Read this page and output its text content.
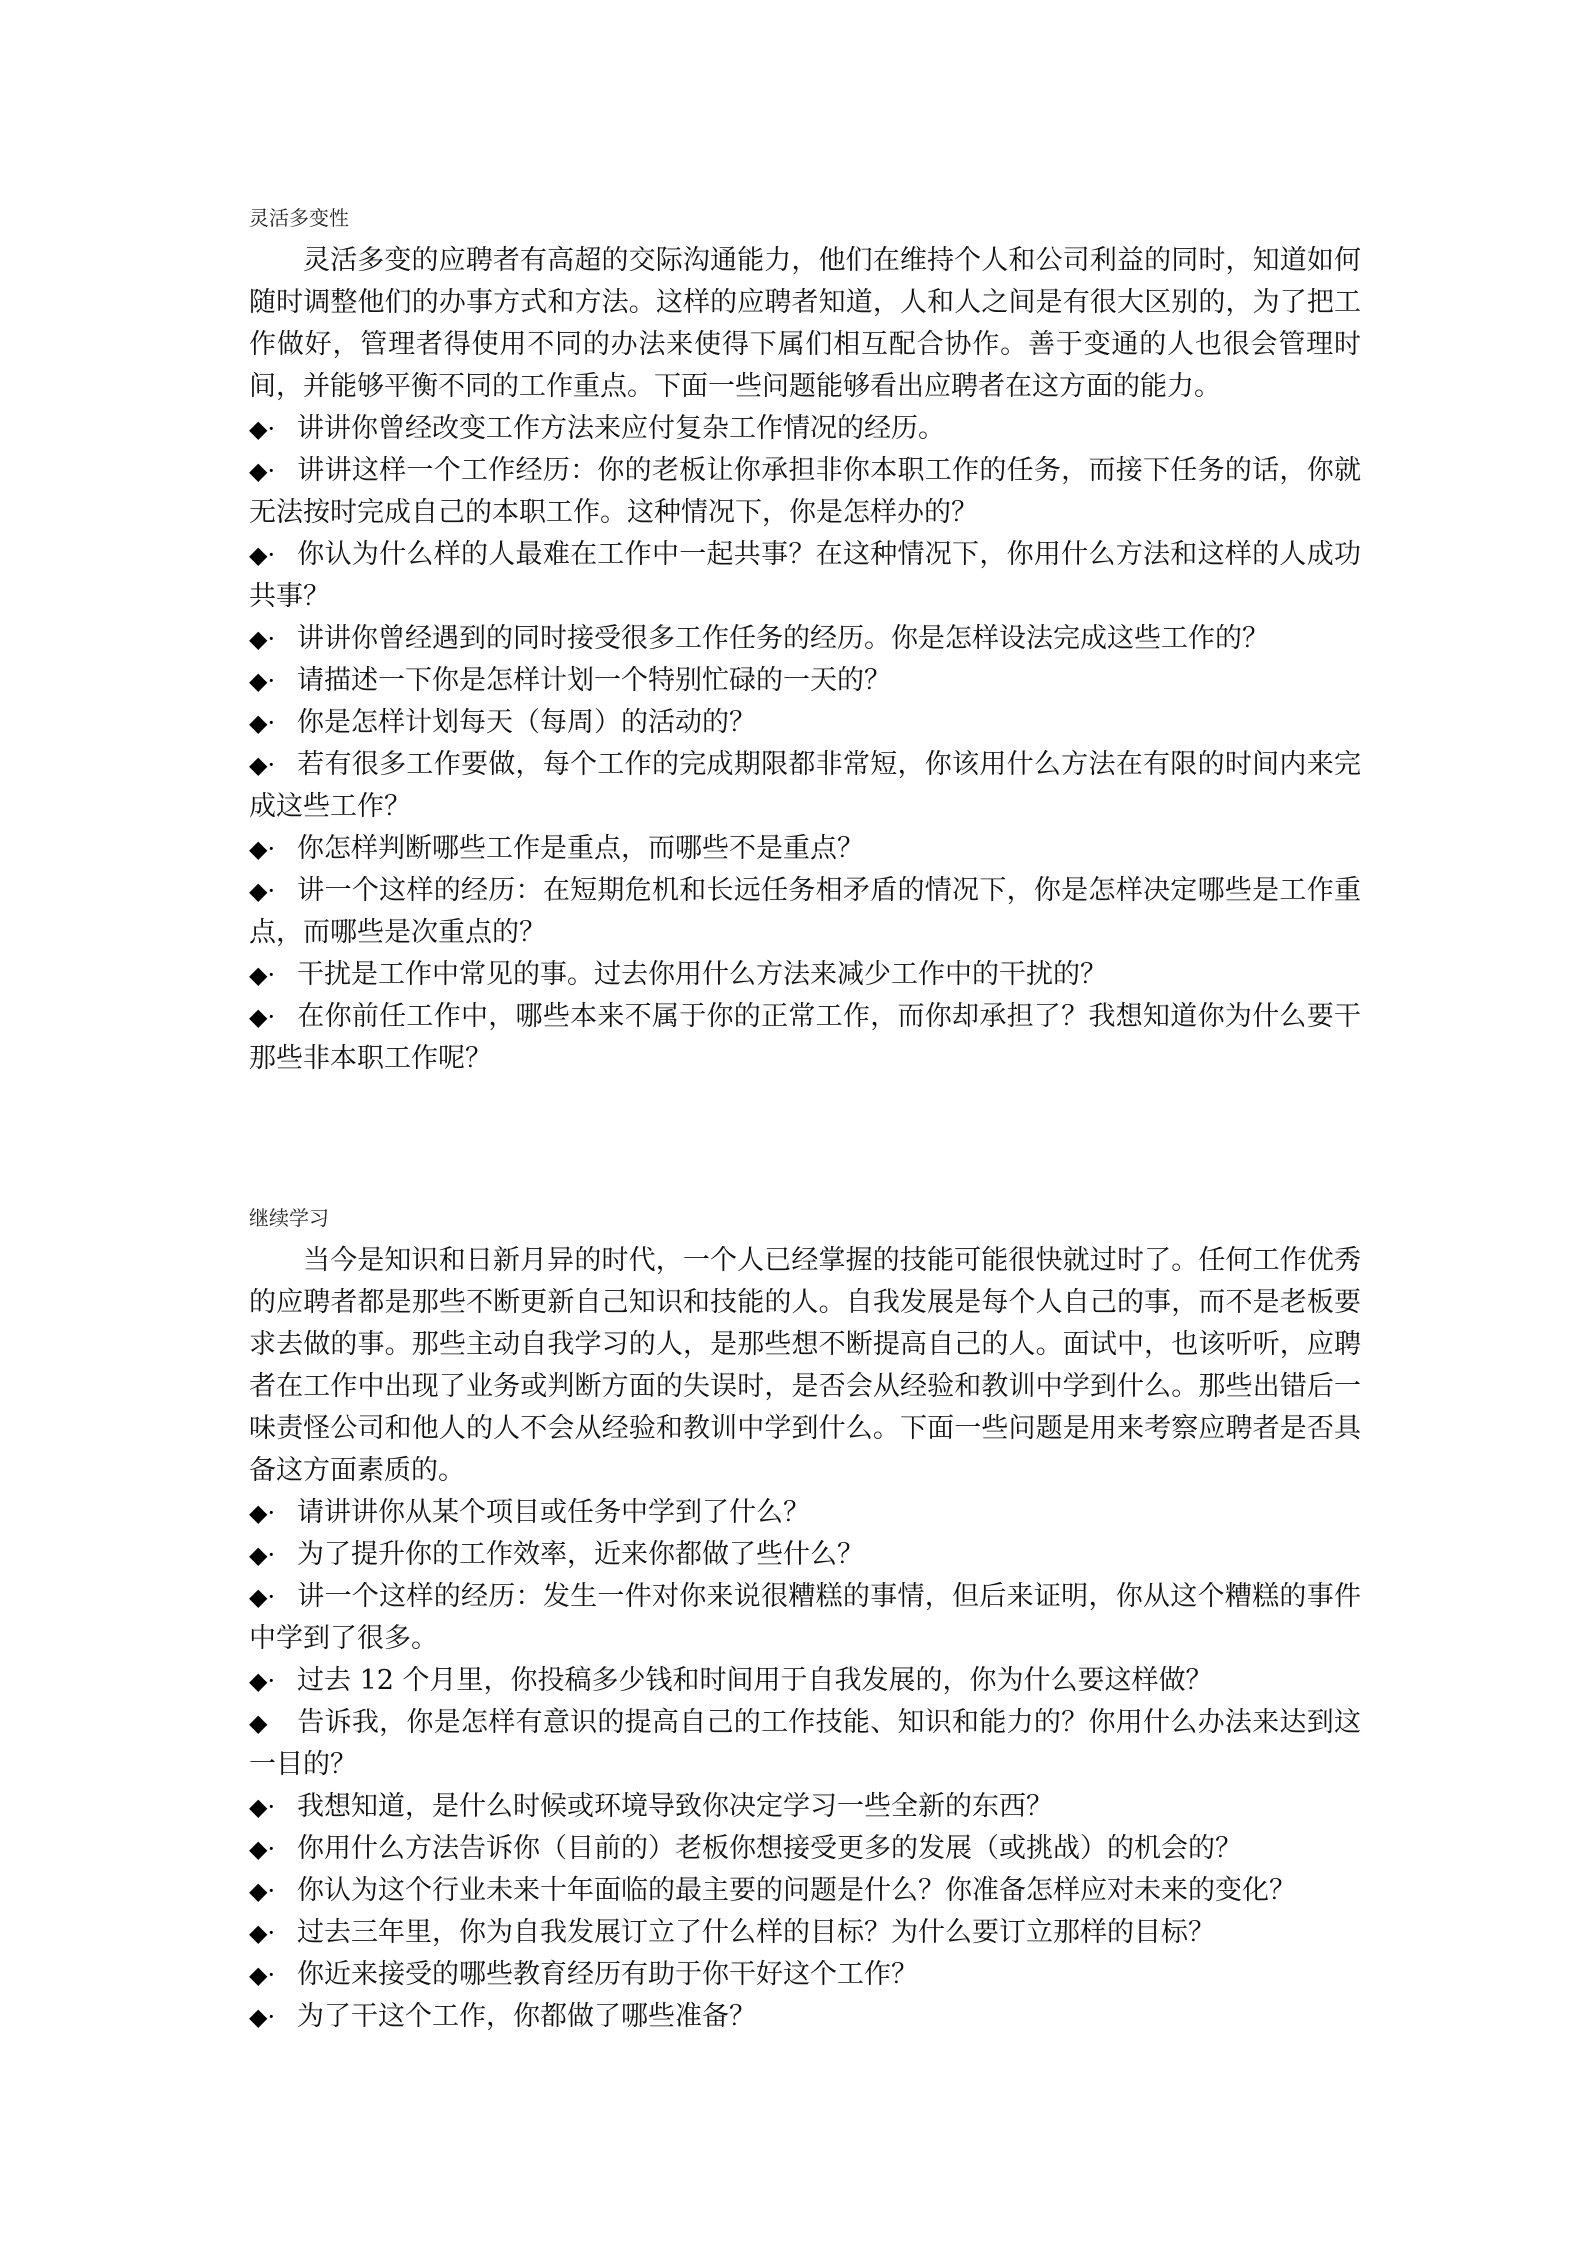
灵活多变性

灵活多变的应聘者有高超的交际沟通能力，他们在维持个人和公司利益的同时，知道如何随时调整他们的办事方式和方法。这样的应聘者知道，人和人之间是有很大区别的，为了把工作做好，管理者得使用不同的办法来使得下属们相互配合协作。善于变通的人也很会管理时间，并能够平衡不同的工作重点。下面一些问题能够看出应聘者在这方面的能力。

◆· 讲讲你曾经改变工作方法来应付复杂工作情况的经历。
◆· 讲讲这样一个工作经历：你的老板让你承担非你本职工作的任务，而接下任务的话，你就无法按时完成自己的本职工作。这种情况下，你是怎样办的？
◆· 你认为什么样的人最难在工作中一起共事？在这种情况下，你用什么方法和这样的人成功共事？
◆· 讲讲你曾经遇到的同时接受很多工作任务的经历。你是怎样设法完成这些工作的？
◆· 请描述一下你是怎样计划一个特别忙碌的一天的？
◆· 你是怎样计划每天（每周）的活动的？
◆· 若有很多工作要做，每个工作的完成期限都非常短，你该用什么方法在有限的时间内来完成这些工作？
◆· 你怎样判断哪些工作是重点，而哪些不是重点？
◆· 讲一个这样的经历：在短期危机和长远任务相矛盾的情况下，你是怎样决定哪些是工作重点，而哪些是次重点的？
◆· 干扰是工作中常见的事。过去你用什么方法来减少工作中的干扰的？
◆· 在你前任工作中，哪些本来不属于你的正常工作，而你却承担了？我想知道你为什么要干那些非本职工作呢？
继续学习

当今是知识和日新月异的时代，一个人已经掌握的技能可能很快就过时了。任何工作优秀的应聘者都是那些不断更新自己知识和技能的人。自我发展是每个人自己的事，而不是老板要求去做的事。那些主动自我学习的人，是那些想不断提高自己的人。面试中，也该听听，应聘者在工作中出现了业务或判断方面的失误时，是否会从经验和教训中学到什么。那些出错后一味责怪公司和他人的人不会从经验和教训中学到什么。下面一些问题是用来考察应聘者是否具备这方面素质的。

◆· 请讲讲你从某个项目或任务中学到了什么？
◆· 为了提升你的工作效率，近来你都做了些什么？
◆· 讲一个这样的经历：发生一件对你来说很糟糕的事情，但后来证明，你从这个糟糕的事件中学到了很多。
◆· 过去 12 个月里，你投稿多少钱和时间用于自我发展的，你为什么要这样做？
◆ 告诉我，你是怎样有意识的提高自己的工作技能、知识和能力的？你用什么办法来达到这一目的？
◆· 我想知道，是什么时候或环境导致你决定学习一些全新的东西？
◆· 你用什么方法告诉你（目前的）老板你想接受更多的发展（或挑战）的机会的？
◆· 你认为这个行业未来十年面临的最主要的问题是什么？你准备怎样应对未来的变化？
◆· 过去三年里，你为自我发展订立了什么样的目标？为什么要订立那样的目标？
◆· 你近来接受的哪些教育经历有助于你干好这个工作？
◆· 为了干这个工作，你都做了哪些准备？
